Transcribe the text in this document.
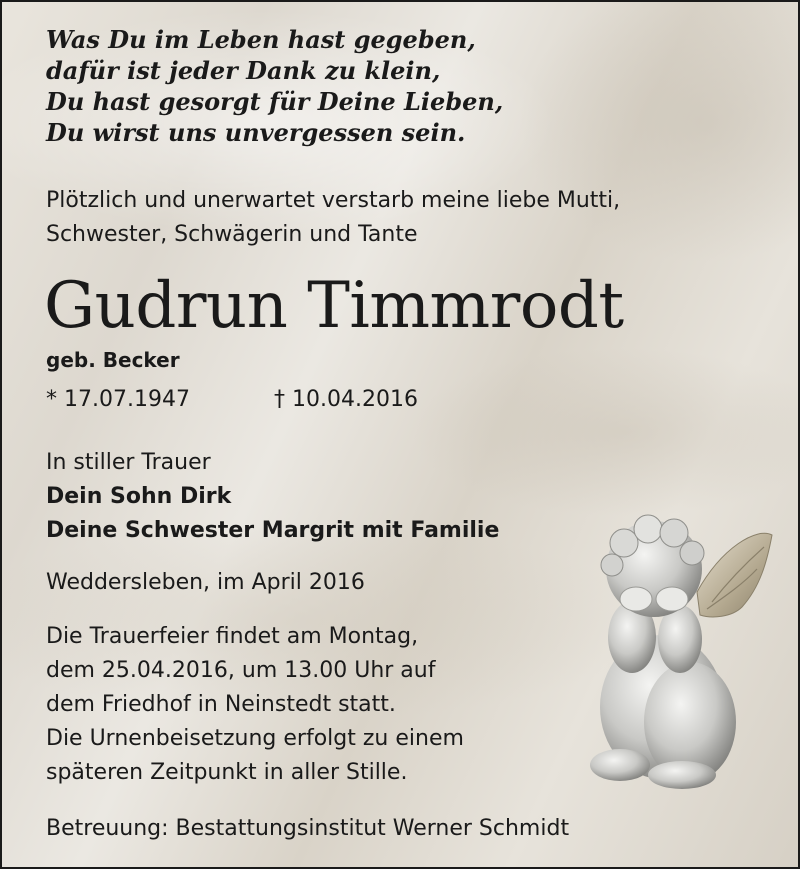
Was Du im Leben hast gegeben,
dafür ist jeder Dank zu klein,
Du hast gesorgt für Deine Lieben,
Du wirst uns unvergessen sein.
Plötzlich und unerwartet verstarb meine liebe Mutti,
Schwester, Schwägerin und Tante
Gudrun Timmrodt
geb. Becker
* 17.07.1947	† 10.04.2016
In stiller Trauer
Dein Sohn Dirk
Deine Schwester Margrit mit Familie
Weddersleben, im April 2016
Die Trauerfeier findet am Montag,
dem 25.04.2016, um 13.00 Uhr auf
dem Friedhof in Neinstedt statt.
Die Urnenbeisetzung erfolgt zu einem
späteren Zeitpunkt in aller Stille.
Betreuung: Bestattungsinstitut Werner Schmidt
